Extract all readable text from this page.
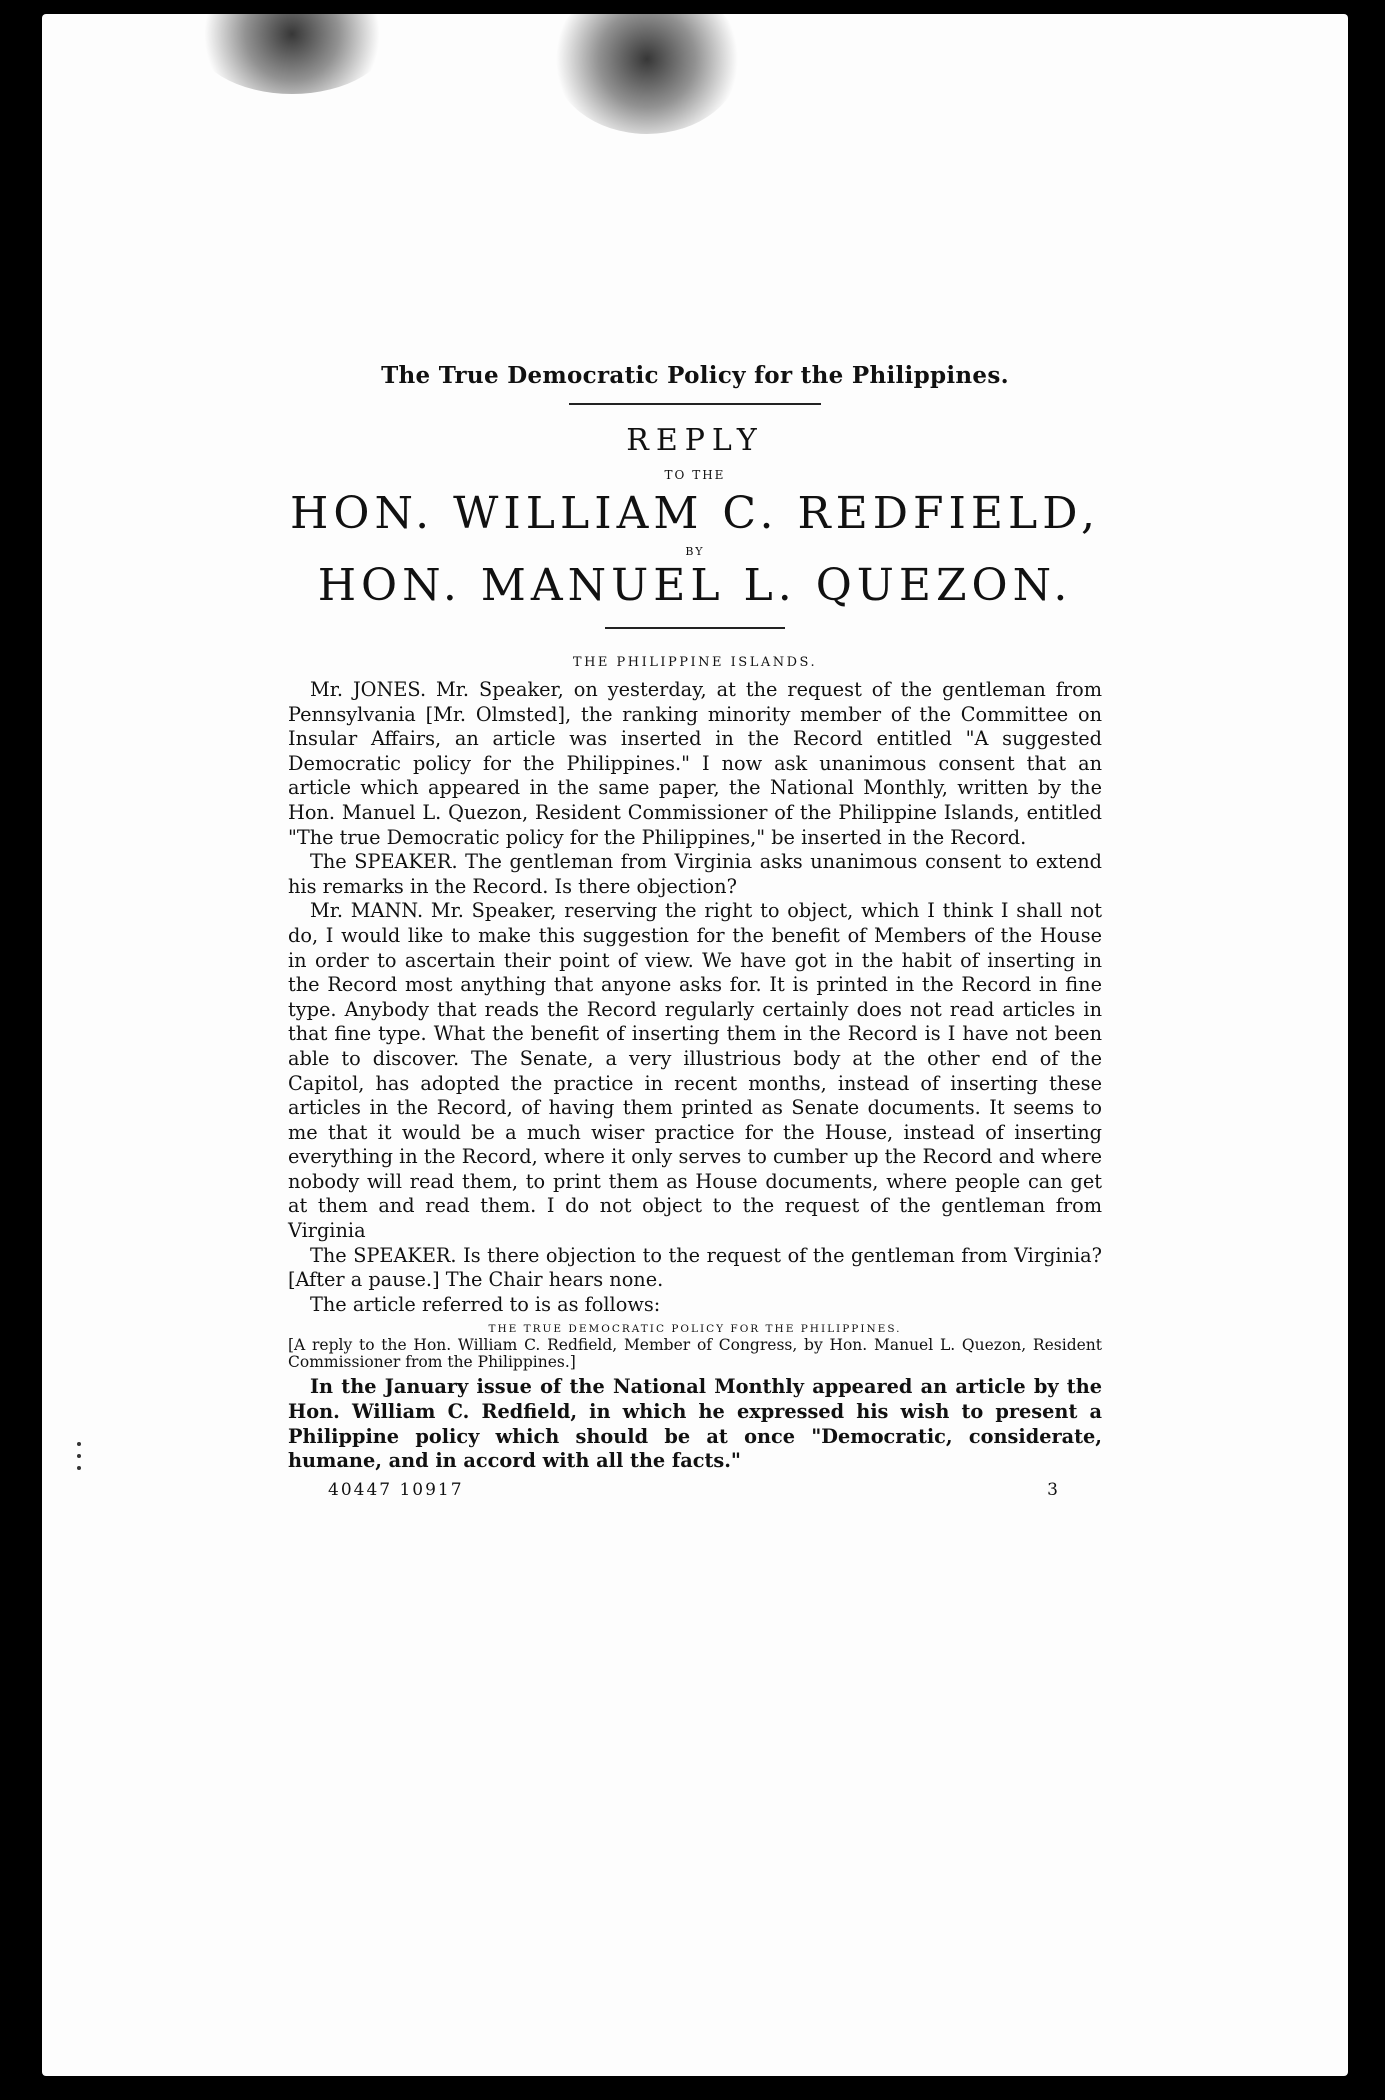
The True Democratic Policy for the Philippines.
REPLY
TO THE
HON. WILLIAM C. REDFIELD,
BY
HON. MANUEL L. QUEZON.
THE PHILIPPINE ISLANDS.

Mr. JONES. Mr. Speaker, on yesterday, at the request of the gentleman from Pennsylvania [Mr. Olmsted], the ranking minority member of the Committee on Insular Affairs, an article was inserted in the Record entitled "A suggested Democratic policy for the Philippines." I now ask unanimous consent that an article which appeared in the same paper, the National Monthly, written by the Hon. Manuel L. Quezon, Resident Commissioner of the Philippine Islands, entitled "The true Democratic policy for the Philippines," be inserted in the Record.

The SPEAKER. The gentleman from Virginia asks unanimous consent to extend his remarks in the Record. Is there objection?

Mr. MANN. Mr. Speaker, reserving the right to object, which I think I shall not do, I would like to make this suggestion for the benefit of Members of the House in order to ascertain their point of view. We have got in the habit of inserting in the Record most anything that anyone asks for. It is printed in the Record in fine type. Anybody that reads the Record regularly certainly does not read articles in that fine type. What the benefit of inserting them in the Record is I have not been able to discover. The Senate, a very illustrious body at the other end of the Capitol, has adopted the practice in recent months, instead of inserting these articles in the Record, of having them printed as Senate documents. It seems to me that it would be a much wiser practice for the House, instead of inserting everything in the Record, where it only serves to cumber up the Record and where nobody will read them, to print them as House documents, where people can get at them and read them. I do not object to the request of the gentleman from Virginia

The SPEAKER. Is there objection to the request of the gentleman from Virginia? [After a pause.] The Chair hears none.

The article referred to is as follows:

THE TRUE DEMOCRATIC POLICY FOR THE PHILIPPINES.

[A reply to the Hon. William C. Redfield, Member of Congress, by Hon. Manuel L. Quezon, Resident Commissioner from the Philippines.]

In the January issue of the National Monthly appeared an article by the Hon. William C. Redfield, in which he expressed his wish to present a Philippine policy which should be at once "Democratic, considerate, humane, and in accord with all the facts."

40447 10917	3
